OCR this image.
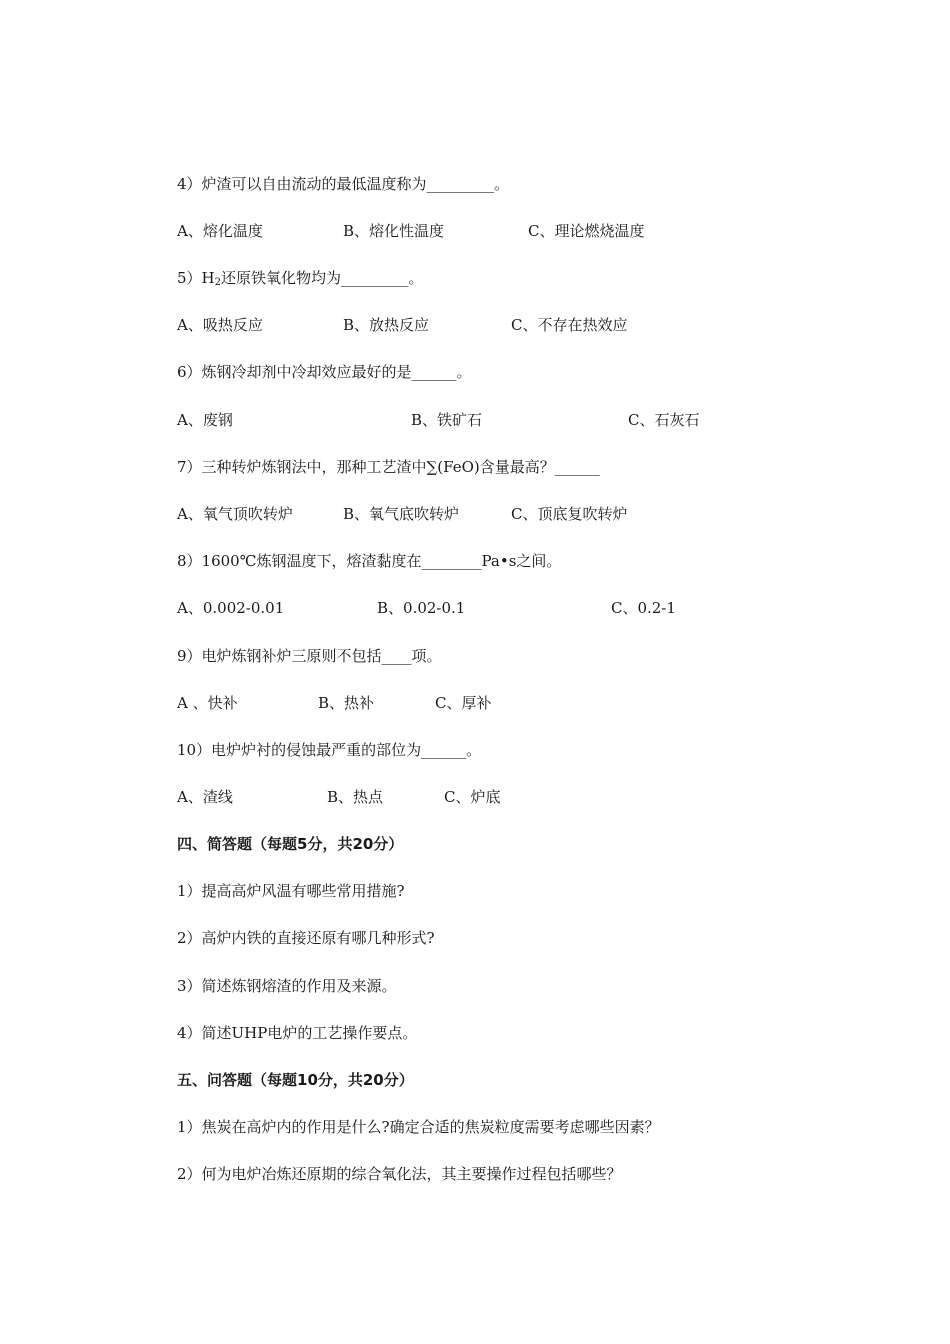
4）炉渣可以自由流动的最低温度称为_________。
A、熔化温度	B、熔化性温度	C、理论燃烧温度
$5)H_2$还原铁氧化物均为_________。
A、吸热反应	B、放热反应	C、不存在热效应
6）炼钢冷却剂中冷却效应最好的是______。
A、废钢	B、铁矿石	C、石灰石
7）三种转炉炼钢法中，那种工艺渣中∑(FeO)含量最高？______
A、氧气顶吹转炉	B、氧气底吹转炉	C、顶底复吹转炉
8）1600℃炼钢温度下，熔渣黏度在________Pa•s之间。
A、0.002-0.01	B、0.02-0.1	C、0.2-1
9）电炉炼钢补炉三原则不包括____项。
A 、快补	B、热补	C、厚补
10）电炉炉衬的侵蚀最严重的部位为______。
A、渣线	B、热点	C、炉底
四、简答题（每题5分，共20分）
1）提高高炉风温有哪些常用措施?
2）高炉内铁的直接还原有哪几种形式?
3）简述炼钢熔渣的作用及来源。
4）简述UHP电炉的工艺操作要点。
五、问答题（每题10分，共20分）
1）焦炭在高炉内的作用是什么?确定合适的焦炭粒度需要考虑哪些因素？
2）何为电炉冶炼还原期的综合氧化法，其主要操作过程包括哪些？
